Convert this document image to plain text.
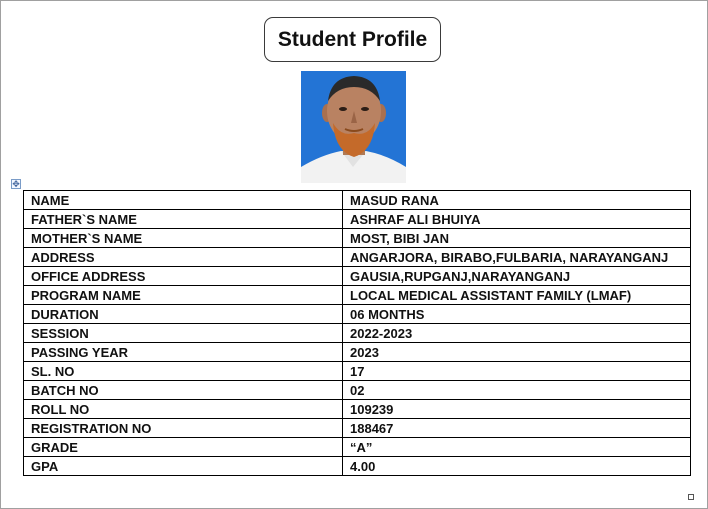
Student Profile
✥
NAME	MASUD RANA
FATHER`S NAME	ASHRAF ALI BHUIYA
MOTHER`S NAME	MOST, BIBI JAN
ADDRESS	ANGARJORA, BIRABO,FULBARIA, NARAYANGANJ
OFFICE ADDRESS	GAUSIA,RUPGANJ,NARAYANGANJ
PROGRAM NAME	LOCAL MEDICAL ASSISTANT FAMILY (LMAF)
DURATION	06 MONTHS
SESSION	2022-2023
PASSING YEAR	2023
SL. NO	17
BATCH NO	02
ROLL NO	109239
REGISTRATION NO	188467
GRADE	“A”
GPA	4.00
